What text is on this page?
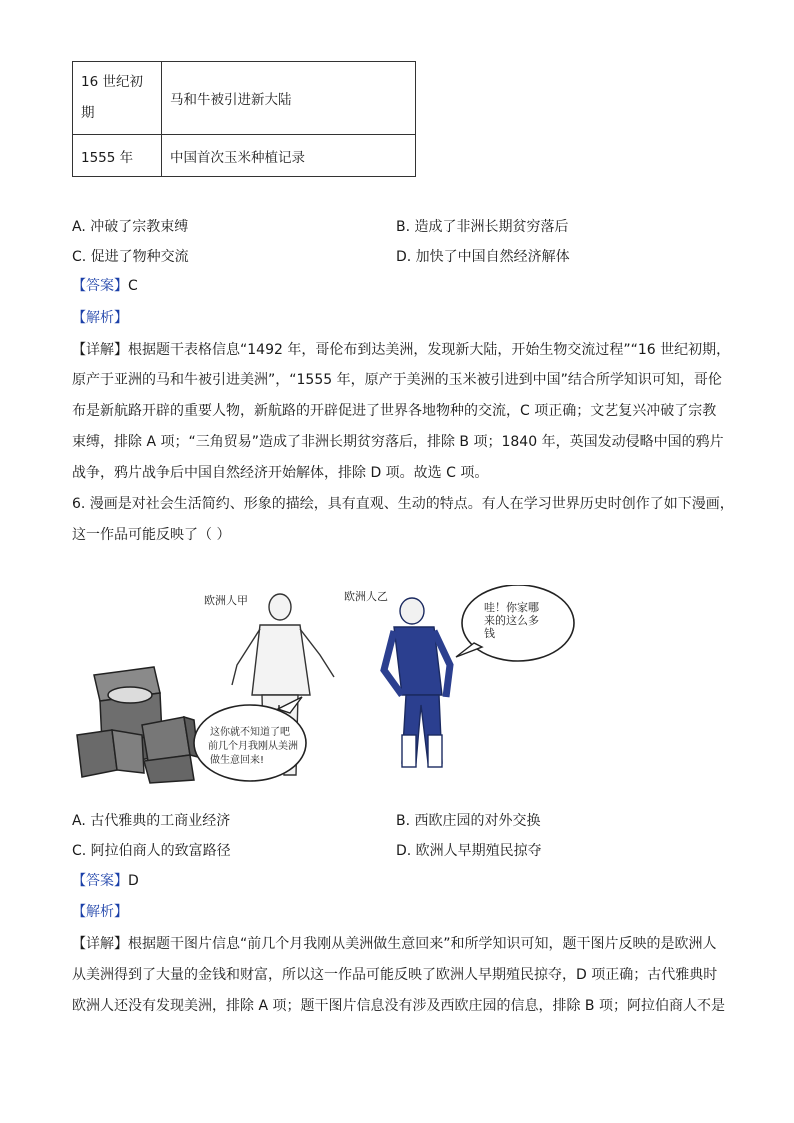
16 世纪初
期	马和牛被引进新大陆
1555 年	中国首次玉米种植记录
A. 冲破了宗教束缚	B. 造成了非洲长期贫穷落后
C. 促进了物种交流	D. 加快了中国自然经济解体
【答案】C
【解析】
【详解】根据题干表格信息“1492 年，哥伦布到达美洲，发现新大陆，开始生物交流过程”“16 世纪初期，
原产于亚洲的马和牛被引进美洲”，“1555 年，原产于美洲的玉米被引进到中国”结合所学知识可知，哥伦
布是新航路开辟的重要人物，新航路的开辟促进了世界各地物种的交流，C 项正确；文艺复兴冲破了宗教
束缚，排除 A 项；“三角贸易”造成了非洲长期贫穷落后，排除 B 项；1840 年，英国发动侵略中国的鸦片
战争，鸦片战争后中国自然经济开始解体，排除 D 项。故选 C 项。
6. 漫画是对社会生活简约、形象的描绘，具有直观、生动的特点。有人在学习世界历史时创作了如下漫画，
这一作品可能反映了（ ）
欧洲人甲	欧洲人乙
哇！你家哪
来的这么多
钱
这你就不知道了吧
前几个月我刚从美洲
做生意回来!
A. 古代雅典的工商业经济	B. 西欧庄园的对外交换
C. 阿拉伯商人的致富路径	D. 欧洲人早期殖民掠夺
【答案】D
【解析】
【详解】根据题干图片信息“前几个月我刚从美洲做生意回来”和所学知识可知，题干图片反映的是欧洲人
从美洲得到了大量的金钱和财富，所以这一作品可能反映了欧洲人早期殖民掠夺，D 项正确；古代雅典时
欧洲人还没有发现美洲，排除 A 项；题干图片信息没有涉及西欧庄园的信息，排除 B 项；阿拉伯商人不是
